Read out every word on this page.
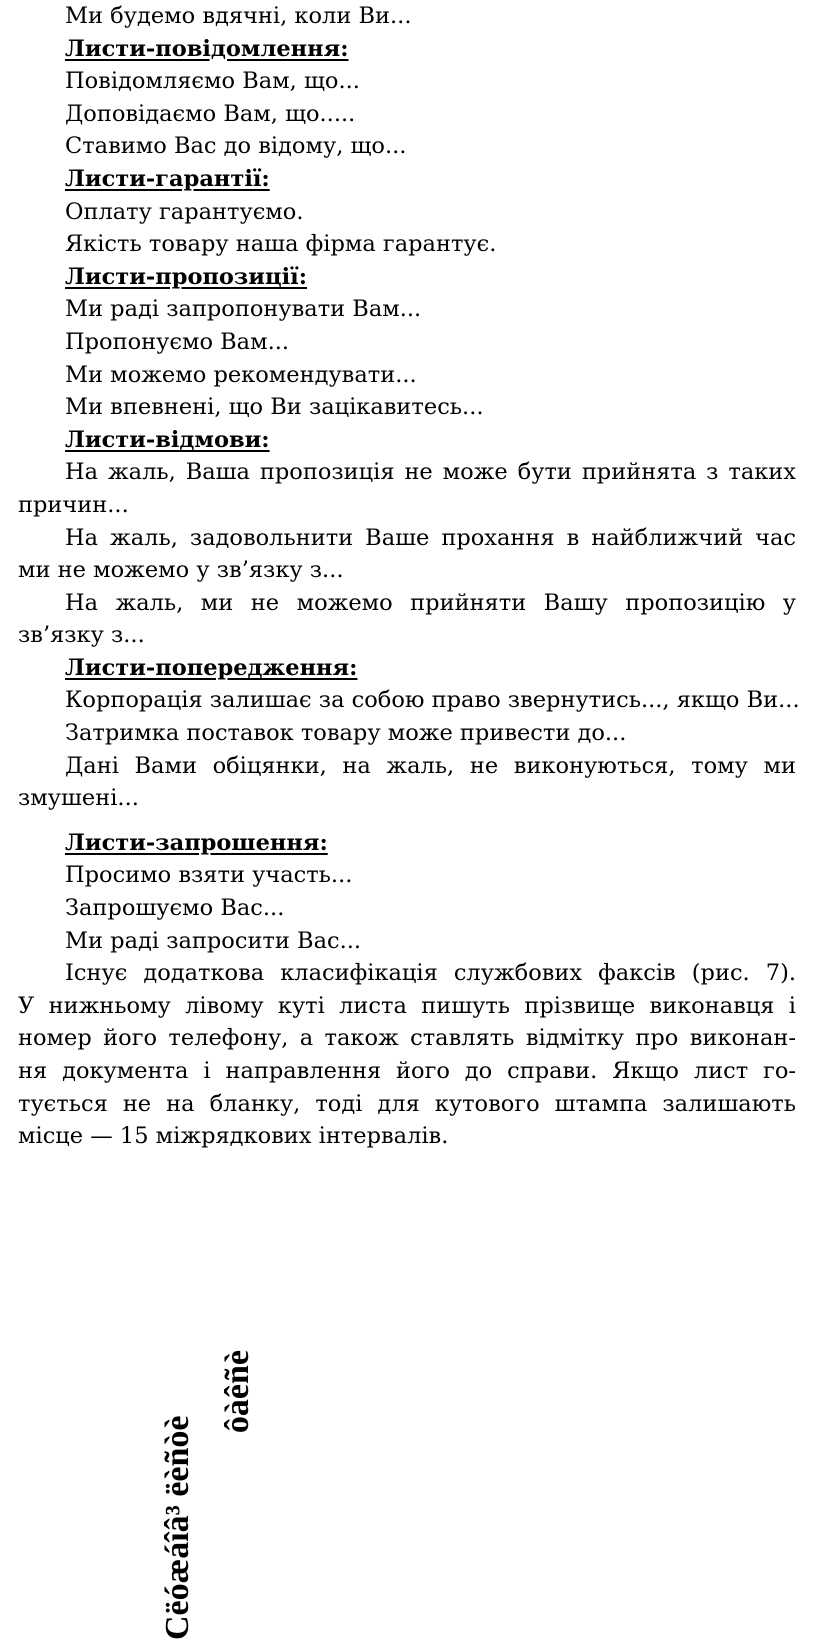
Ми будемо вдячні, коли Ви...
Листи-повідомлення:
Повідомляємо Вам, що...
Доповідаємо Вам, що.....
Ставимо Вас до відому, що...
Листи-гарантії:
Оплату гарантуємо.
Якість товару наша фірма гарантує.
Листи-пропозиції:
Ми раді запропонувати Вам...
Пропонуємо Вам...
Ми можемо рекомендувати...
Ми впевнені, що Ви зацікавитесь...
Листи-відмови:
На жаль, Ваша пропозиція не може бути прийнята з таких
причин...
На жаль, задовольнити Ваше прохання в найближчий час
ми не можемо у зв’язку з...
На жаль, ми не можемо прийняти Вашу пропозицію у
зв’язку з...
Листи-попередження:
Корпорація залишає за собою право звернутись..., якщо Ви...
Затримка поставок товару може привести до...
Дані Вами обіцянки, на жаль, не виконуються, тому ми
змушені...
Листи-запрошення:
Просимо взяти участь...
Запрошуємо Вас...
Ми раді запросити Вас...
Існує додаткова класифікація службових факсів (рис. 7).
У нижньому лівому куті листа пишуть прізвище виконавця і
номер його телефону, а також ставлять відмітку про виконан-
ня документа і направлення його до справи. Якщо лист го-
тується не на бланку, тоді для кутового штампа залишають
місце — 15 міжрядкових інтервалів.
Cёóæáîâ³ ëèñòè
ôàêñè
